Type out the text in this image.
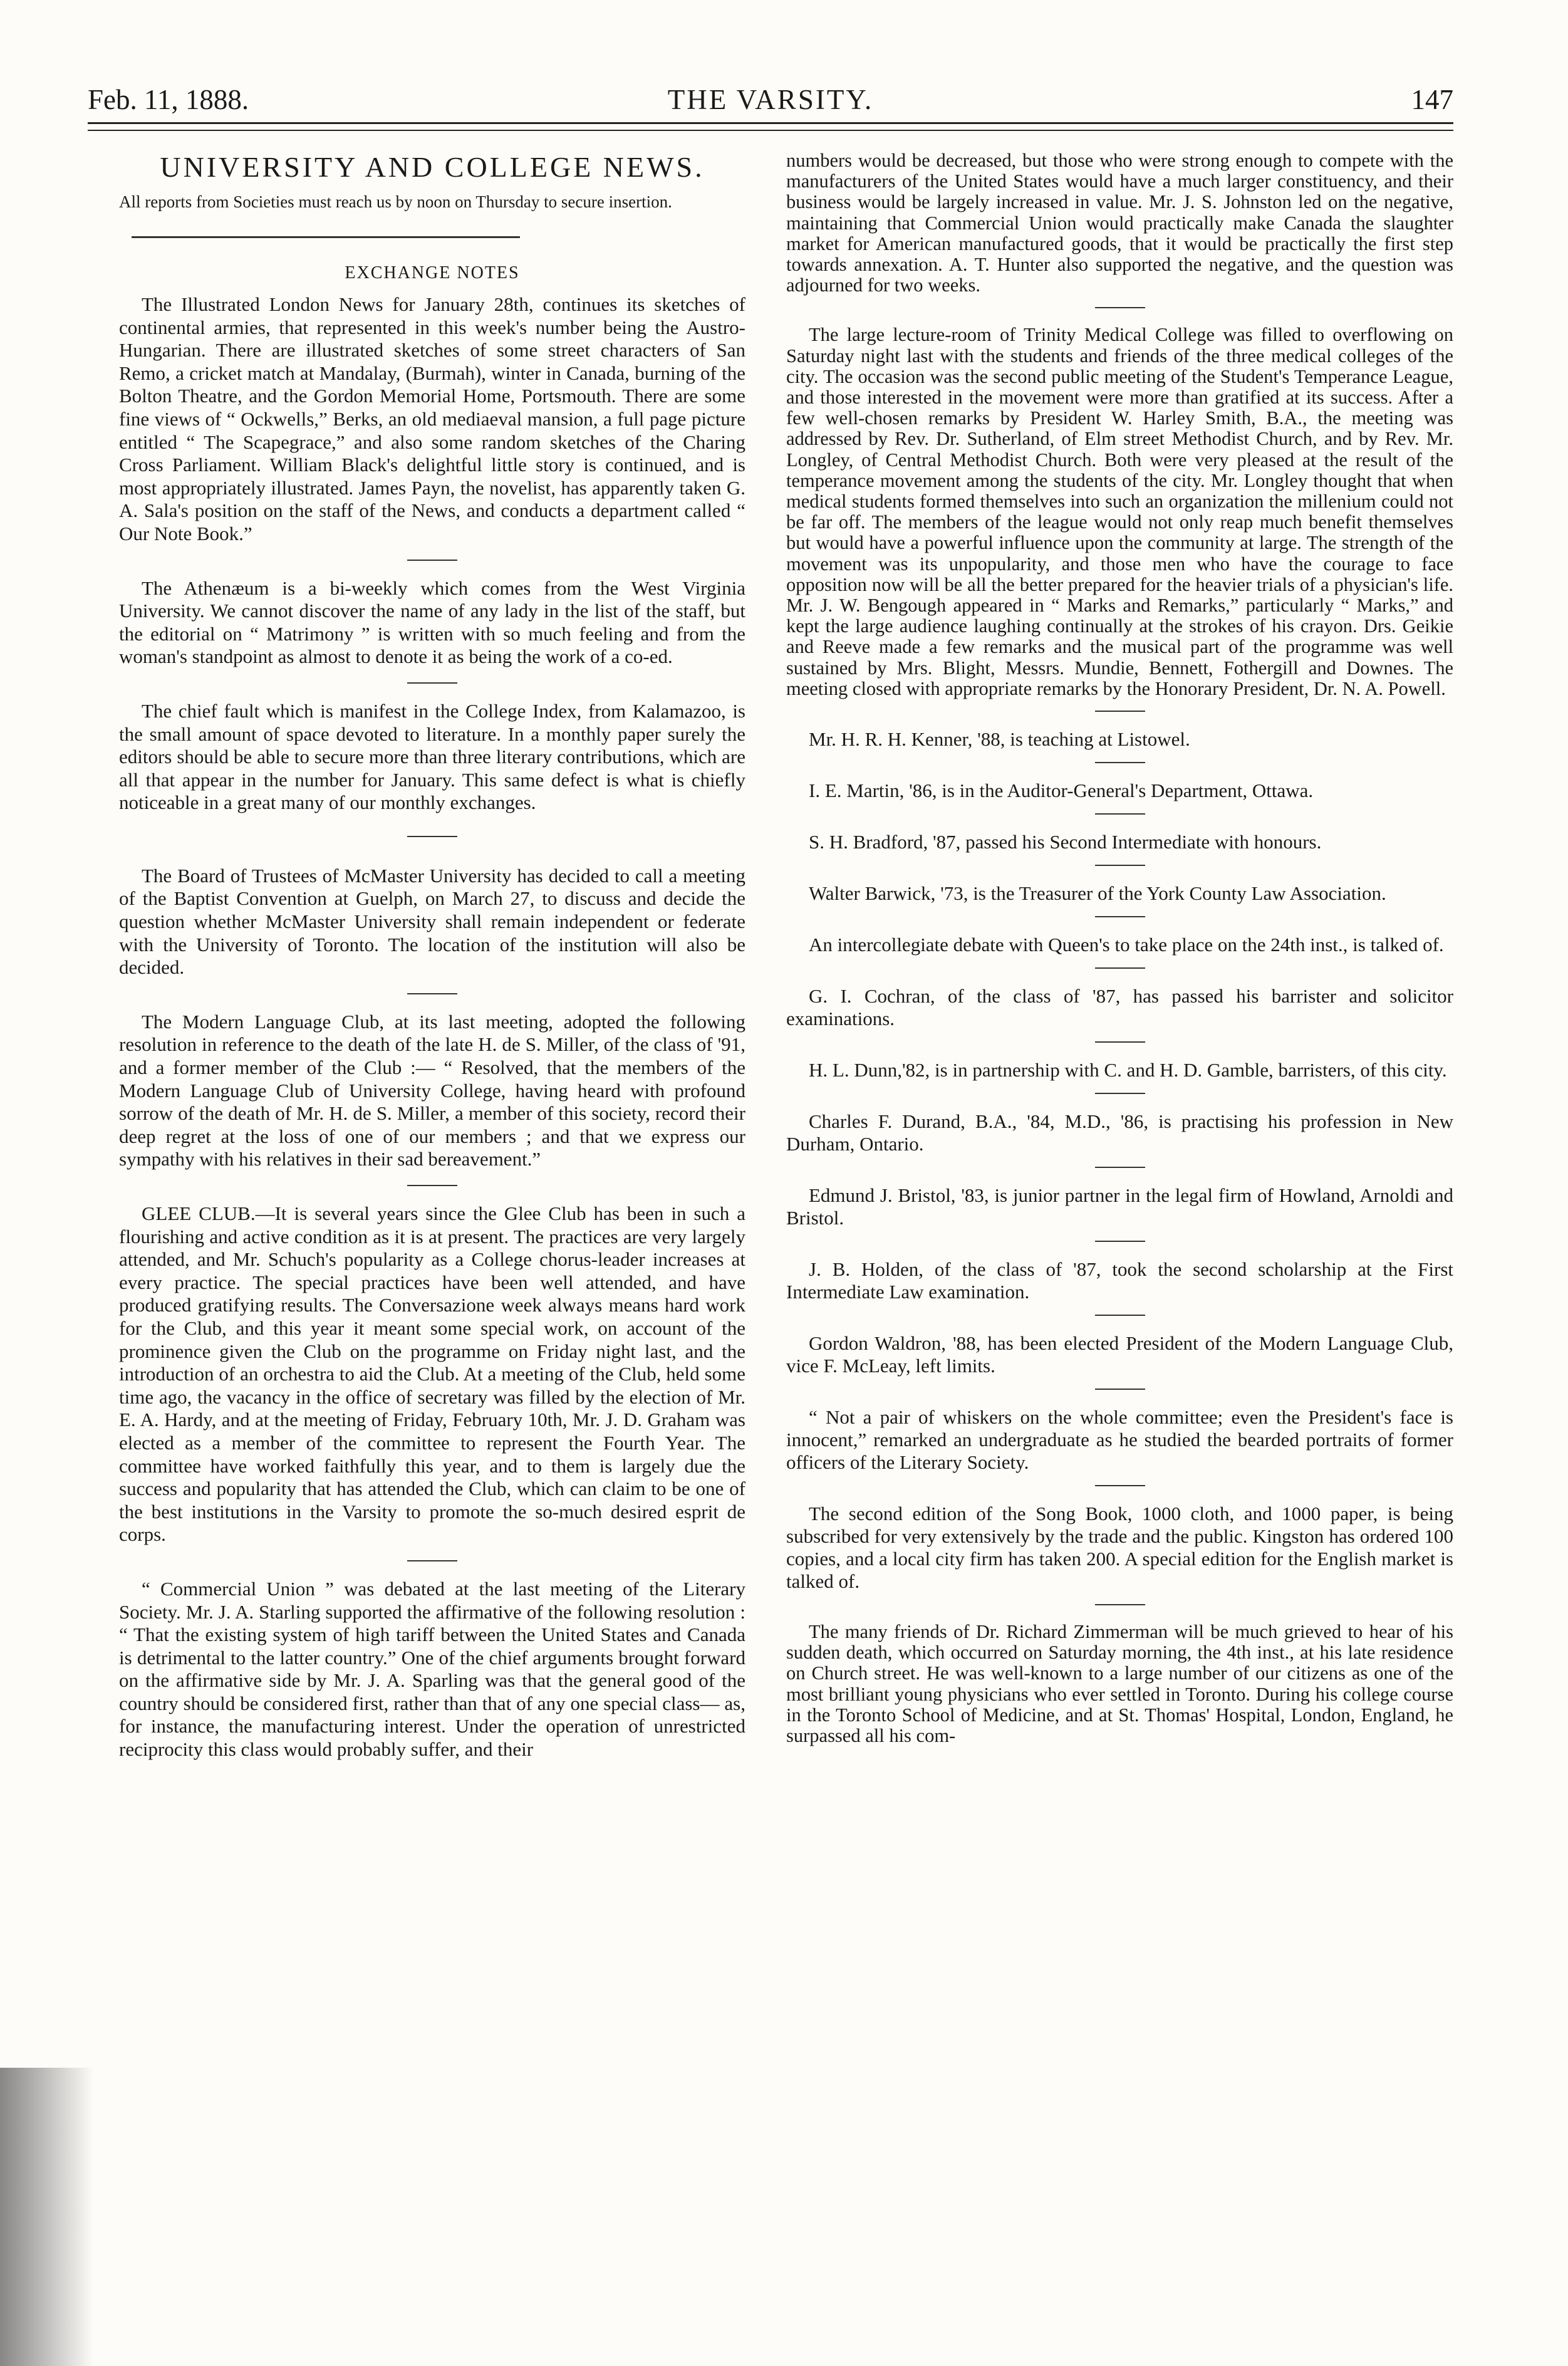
Feb. 11, 1888.	THE VARSITY.	147
UNIVERSITY AND COLLEGE NEWS.

All reports from Societies must reach us by noon on Thursday to secure insertion.

EXCHANGE NOTES

The Illustrated London News for January 28th, continues its sketches of continental armies, that represented in this week's number being the Austro-Hungarian. There are illustrated sketches of some street characters of San Remo, a cricket match at Mandalay, (Burmah), winter in Canada, burning of the Bolton Theatre, and the Gordon Memorial Home, Portsmouth. There are some fine views of “ Ockwells,” Berks, an old mediaeval mansion, a full page picture entitled “ The Scapegrace,” and also some random sketches of the Charing Cross Parliament. William Black's delightful little story is continued, and is most appropriately illustrated. James Payn, the novelist, has apparently taken G. A. Sala's position on the staff of the News, and conducts a department called “ Our Note Book.”

The Athenæum is a bi-weekly which comes from the West Virginia University. We cannot discover the name of any lady in the list of the staff, but the editorial on “ Matrimony ” is written with so much feeling and from the woman's standpoint as almost to denote it as being the work of a co-ed.

The chief fault which is manifest in the College Index, from Kalamazoo, is the small amount of space devoted to literature. In a monthly paper surely the editors should be able to secure more than three literary contributions, which are all that appear in the number for January. This same defect is what is chiefly noticeable in a great many of our monthly exchanges.

The Board of Trustees of McMaster University has decided to call a meeting of the Baptist Convention at Guelph, on March 27, to discuss and decide the question whether McMaster University shall remain independent or federate with the University of Toronto. The location of the institution will also be decided.

The Modern Language Club, at its last meeting, adopted the following resolution in reference to the death of the late H. de S. Miller, of the class of '91, and a former member of the Club :— “ Resolved, that the members of the Modern Language Club of University College, having heard with profound sorrow of the death of Mr. H. de S. Miller, a member of this society, record their deep regret at the loss of one of our members ; and that we express our sympathy with his relatives in their sad bereavement.”

GLEE CLUB.—It is several years since the Glee Club has been in such a flourishing and active condition as it is at present. The practices are very largely attended, and Mr. Schuch's popularity as a College chorus-leader increases at every practice. The special practices have been well attended, and have produced gratifying results. The Conversazione week always means hard work for the Club, and this year it meant some special work, on account of the prominence given the Club on the programme on Friday night last, and the introduction of an orchestra to aid the Club. At a meeting of the Club, held some time ago, the vacancy in the office of secretary was filled by the election of Mr. E. A. Hardy, and at the meeting of Friday, February 10th, Mr. J. D. Graham was elected as a member of the committee to represent the Fourth Year. The committee have worked faithfully this year, and to them is largely due the success and popularity that has attended the Club, which can claim to be one of the best institutions in the Varsity to promote the so-much desired esprit de corps.

“ Commercial Union ” was debated at the last meeting of the Literary Society. Mr. J. A. Starling supported the affirmative of the following resolution : “ That the existing system of high tariff between the United States and Canada is detrimental to the latter country.” One of the chief arguments brought forward on the affirmative side by Mr. J. A. Sparling was that the general good of the country should be considered first, rather than that of any one special class— as, for instance, the manufacturing interest. Under the operation of unrestricted reciprocity this class would probably suffer, and their

numbers would be decreased, but those who were strong enough to compete with the manufacturers of the United States would have a much larger constituency, and their business would be largely increased in value. Mr. J. S. Johnston led on the negative, maintaining that Commercial Union would practically make Canada the slaughter market for American manufactured goods, that it would be practically the first step towards annexation. A. T. Hunter also supported the negative, and the question was adjourned for two weeks.

The large lecture-room of Trinity Medical College was filled to overflowing on Saturday night last with the students and friends of the three medical colleges of the city. The occasion was the second public meeting of the Student's Temperance League, and those interested in the movement were more than gratified at its success. After a few well-chosen remarks by President W. Harley Smith, B.A., the meeting was addressed by Rev. Dr. Sutherland, of Elm street Methodist Church, and by Rev. Mr. Longley, of Central Methodist Church. Both were very pleased at the result of the temperance movement among the students of the city. Mr. Longley thought that when medical students formed themselves into such an organization the millenium could not be far off. The members of the league would not only reap much benefit themselves but would have a powerful influence upon the community at large. The strength of the movement was its unpopularity, and those men who have the courage to face opposition now will be all the better prepared for the heavier trials of a physician's life. Mr. J. W. Bengough appeared in “ Marks and Remarks,” particularly “ Marks,” and kept the large audience laughing continually at the strokes of his crayon. Drs. Geikie and Reeve made a few remarks and the musical part of the programme was well sustained by Mrs. Blight, Messrs. Mundie, Bennett, Fothergill and Downes. The meeting closed with appropriate remarks by the Honorary President, Dr. N. A. Powell.

Mr. H. R. H. Kenner, '88, is teaching at Listowel.

I. E. Martin, '86, is in the Auditor-General's Department, Ottawa.

S. H. Bradford, '87, passed his Second Intermediate with honours.

Walter Barwick, '73, is the Treasurer of the York County Law Association.

An intercollegiate debate with Queen's to take place on the 24th inst., is talked of.

G. I. Cochran, of the class of '87, has passed his barrister and solicitor examinations.

H. L. Dunn,'82, is in partnership with C. and H. D. Gamble, barristers, of this city.

Charles F. Durand, B.A., '84, M.D., '86, is practising his profession in New Durham, Ontario.

Edmund J. Bristol, '83, is junior partner in the legal firm of Howland, Arnoldi and Bristol.

J. B. Holden, of the class of '87, took the second scholarship at the First Intermediate Law examination.

Gordon Waldron, '88, has been elected President of the Modern Language Club, vice F. McLeay, left limits.

“ Not a pair of whiskers on the whole committee; even the President's face is innocent,” remarked an undergraduate as he studied the bearded portraits of former officers of the Literary Society.

The second edition of the Song Book, 1000 cloth, and 1000 paper, is being subscribed for very extensively by the trade and the public. Kingston has ordered 100 copies, and a local city firm has taken 200. A special edition for the English market is talked of.

The many friends of Dr. Richard Zimmerman will be much grieved to hear of his sudden death, which occurred on Saturday morning, the 4th inst., at his late residence on Church street. He was well-known to a large number of our citizens as one of the most brilliant young physicians who ever settled in Toronto. During his college course in the Toronto School of Medicine, and at St. Thomas' Hospital, London, England, he surpassed all his com-
